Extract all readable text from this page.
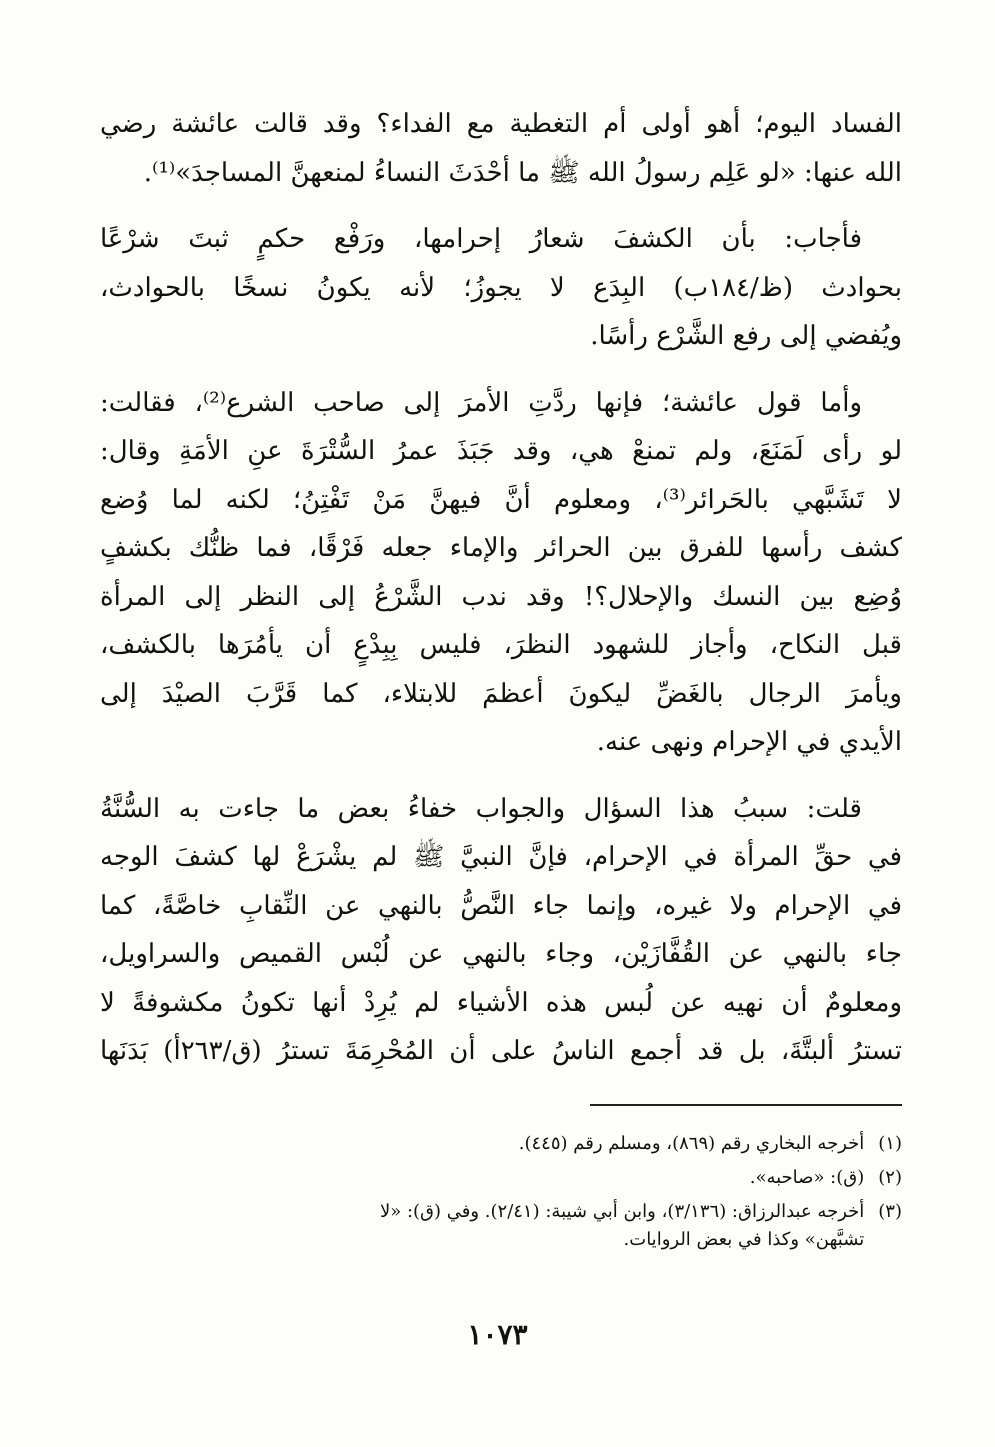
الفساد اليوم؛ أهو أولى أم التغطية مع الفداء؟ وقد قالت عائشة رضي
الله عنها: «لو عَلِم رسولُ الله ﷺ ما أحْدَثَ النساءُ لمنعهنَّ المساجدَ»⁽¹⁾.
فأجاب: بأن الكشفَ شعارُ إحرامها، ورَفْع حكمٍ ثبتَ شرْعًا
بحوادث (ظ/١٨٤ب) البِدَع لا يجوزُ؛ لأنه يكونُ نسخًا بالحوادث،
ويُفضي إلى رفع الشَّرْع رأسًا.
وأما قول عائشة؛ فإنها ردَّتِ الأمرَ إلى صاحب الشرع⁽²⁾، فقالت:
لو رأى لَمَنَعَ، ولم تمنعْ هي، وقد جَبَذَ عمرُ السُّتْرَةَ عنِ الأمَةِ وقال:
لا تَشَبَّهي بالحَرائر⁽³⁾، ومعلوم أنَّ فيهنَّ مَنْ تَفْتِنُ؛ لكنه لما وُضع
كشف رأسها للفرق بين الحرائر والإماء جعله فَرْقًا، فما ظنُّك بكشفٍ
وُضِع بين النسك والإحلال؟! وقد ندب الشَّرْعُ إلى النظر إلى المرأة
قبل النكاح، وأجاز للشهود النظرَ، فليس بِبِدْعٍ أن يأمُرَها بالكشف،
ويأمرَ الرجال بالغَضِّ ليكونَ أعظمَ للابتلاء، كما قَرَّبَ الصيْدَ إلى
الأيدي في الإحرام ونهى عنه.
قلت: سببُ هذا السؤال والجواب خفاءُ بعض ما جاءت به السُّنَّةُ
في حقِّ المرأة في الإحرام، فإنَّ النبيَّ ﷺ لم يشْرَعْ لها كشفَ الوجه
في الإحرام ولا غيره، وإنما جاء النَّصُّ بالنهي عن النِّقابِ خاصَّةً، كما
جاء بالنهي عن القُفَّازَيْن، وجاء بالنهي عن لُبْس القميص والسراويل،
ومعلومٌ أن نهيه عن لُبس هذه الأشياء لم يُرِدْ أنها تكونُ مكشوفةً لا
تسترُ ألبتَّةَ، بل قد أجمع الناسُ على أن المُحْرِمَةَ تسترُ (ق/٢٦٣أ) بَدَنَها
(١)
أخرجه البخاري رقم (٨٦٩)، ومسلم رقم (٤٤٥).
(٢)
(ق): «صاحبه».
(٣)
أخرجه عبدالرزاق: (٣/١٣٦)، وابن أبي شيبة: (٢/٤١). وفي (ق): «لا
تشبَّهن» وكذا في بعض الروايات.
١٠٧٣
